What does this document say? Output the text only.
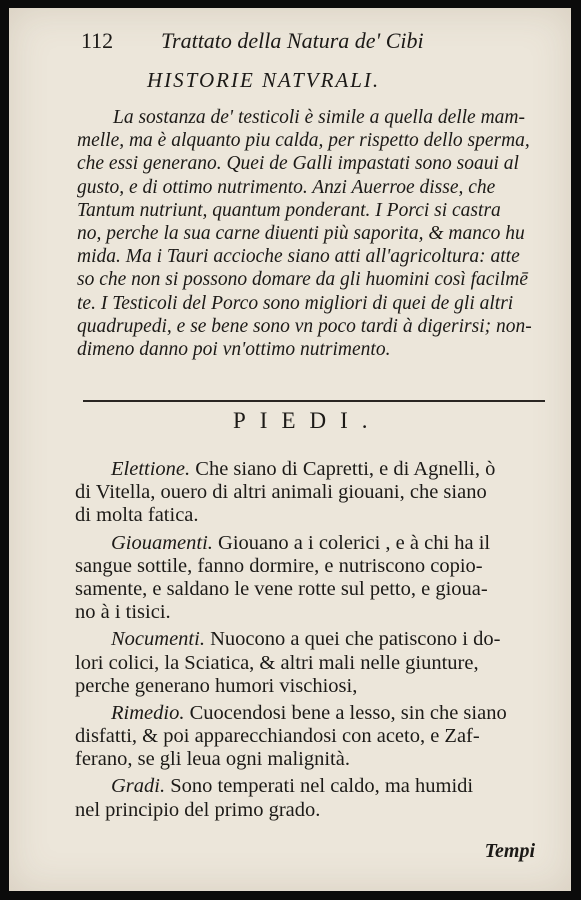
112 Trattato della Natura de' Cibi
HISTORIE NATVRALI.
La sostanza de' testicoli è simile a quella delle mam-
melle, ma è alquanto piu calda, per rispetto dello sperma,
che essi generano. Quei de Galli impastati sono soaui al
gusto, e di ottimo nutrimento. Anzi Auerroe disse, che
Tantum nutriunt, quantum ponderant. I Porci si castra
no, perche la sua carne diuenti più saporita, & manco hu
mida. Ma i Tauri accioche siano atti all'agricoltura: atte
so che non si possono domare da gli huomini così facilmē
te. I Testicoli del Porco sono migliori di quei de gli altri
quadrupedi, e se bene sono vn poco tardi à digerirsi; non-
dimeno danno poi vn'ottimo nutrimento.
PIEDI.
Elettione. Che siano di Capretti, e di Agnelli, ò
di Vitella, ouero di altri animali giouani, che siano
di molta fatica.
Giouamenti. Giouano a i colerici , e à chi ha il
sangue sottile, fanno dormire, e nutriscono copio-
samente, e saldano le vene rotte sul petto, e gioua-
no à i tisici.
Nocumenti. Nuocono a quei che patiscono i do-
lori colici, la Sciatica, & altri mali nelle giunture,
perche generano humori vischiosi,
Rimedio. Cuocendosi bene a lesso, sin che siano
disfatti, & poi apparecchiandosi con aceto, e Zaf-
ferano, se gli leua ogni malignità.
Gradi. Sono temperati nel caldo, ma humidi
nel principio del primo grado.
Tempi
